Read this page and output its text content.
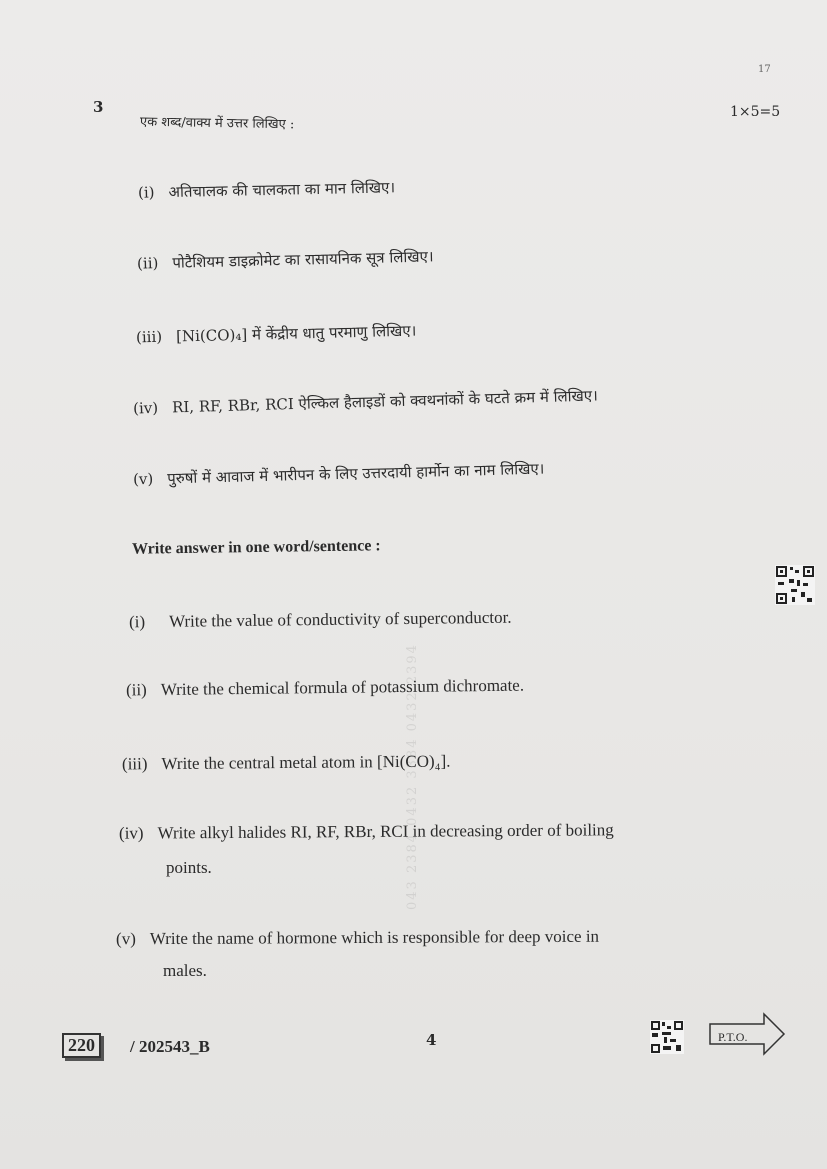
043 2384 0432 3384 0432 2394
17
3
एक शब्द/वाक्य में उत्तर लिखिए :
1×5=5
(i) अतिचालक की चालकता का मान लिखिए।
(ii) पोटैशियम डाइक्रोमेट का रासायनिक सूत्र लिखिए।
(iii) [Ni(CO)₄] में केंद्रीय धातु परमाणु लिखिए।
(iv) RI, RF, RBr, RCI ऐल्किल हैलाइडों को क्वथनांकों के घटते क्रम में लिखिए।
(v) पुरुषों में आवाज में भारीपन के लिए उत्तरदायी हार्मोन का नाम लिखिए।
Write answer in one word/sentence :
(i) Write the value of conductivity of superconductor.
(ii) Write the chemical formula of potassium dichromate.
(iii) Write the central metal atom in [Ni(CO)₄].
(iv) Write alkyl halides RI, RF, RBr, RCI in decreasing order of boiling
points.
(v) Write the name of hormone which is responsible for deep voice in
males.
220	/ 202543_B	4	P.T.O.
